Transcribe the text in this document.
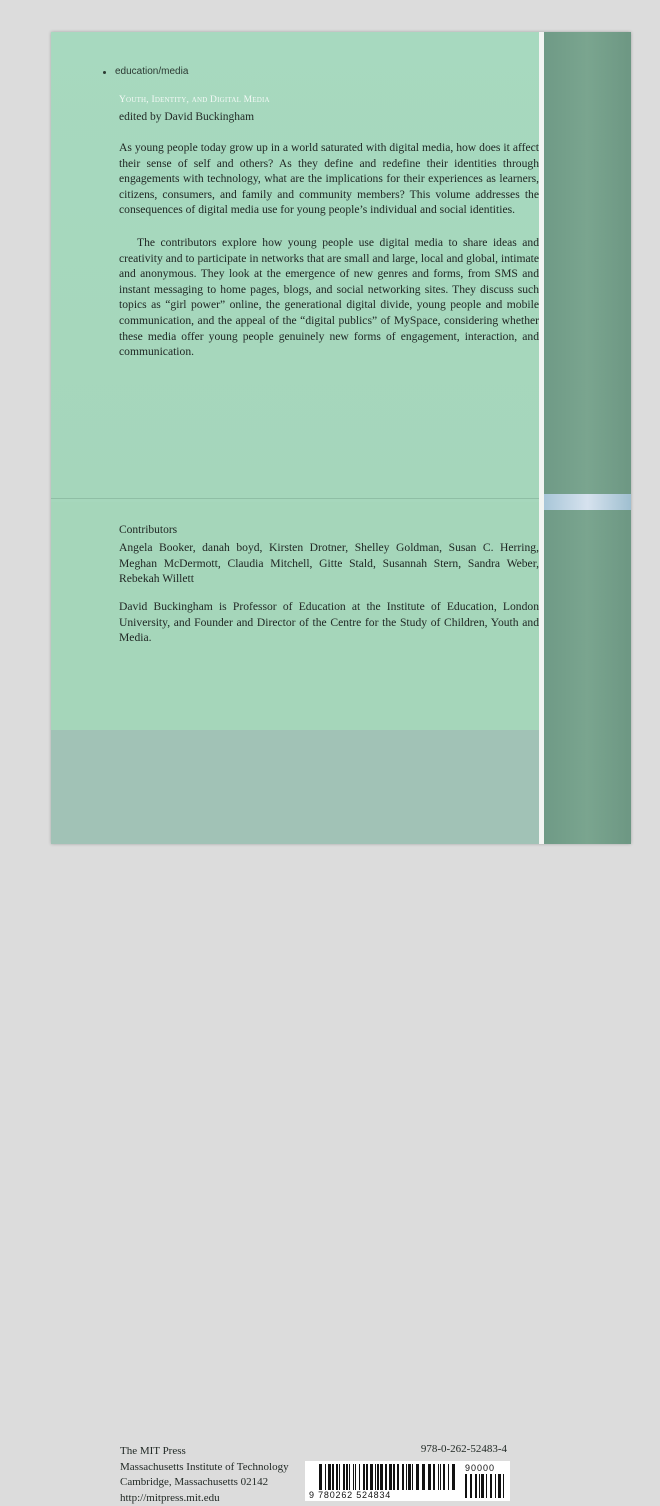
education/media
Youth, Identity, and Digital Media
edited by David Buckingham

As young people today grow up in a world saturated with digital media, how does it affect their sense of self and others? As they define and redefine their identities through engagements with technology, what are the implications for their experiences as learners, citizens, consumers, and family and community members? This volume addresses the consequences of digital media use for young people’s individual and social identities.

The contributors explore how young people use digital media to share ideas and creativity and to participate in networks that are small and large, local and global, intimate and anonymous. They look at the emergence of new genres and forms, from SMS and instant messaging to home pages, blogs, and social networking sites. They discuss such topics as “girl power” online, the generational digital divide, young people and mobile communication, and the appeal of the “digital publics” of MySpace, considering whether these media offer young people genuinely new forms of engagement, interaction, and communication.

Contributors

Angela Booker, danah boyd, Kirsten Drotner, Shelley Goldman, Susan C. Herring, Meghan McDermott, Claudia Mitchell, Gitte Stald, Susannah Stern, Sandra Weber, Rebekah Willett

David Buckingham is Professor of Education at the Institute of Education, London University, and Founder and Director of the Centre for the Study of Children, Youth and Media.

The MIT Press
Massachusetts Institute of Technology
Cambridge, Massachusetts 02142
http://mitpress.mit.edu
978-0-262-52483-4
9 780262 524834
90000
